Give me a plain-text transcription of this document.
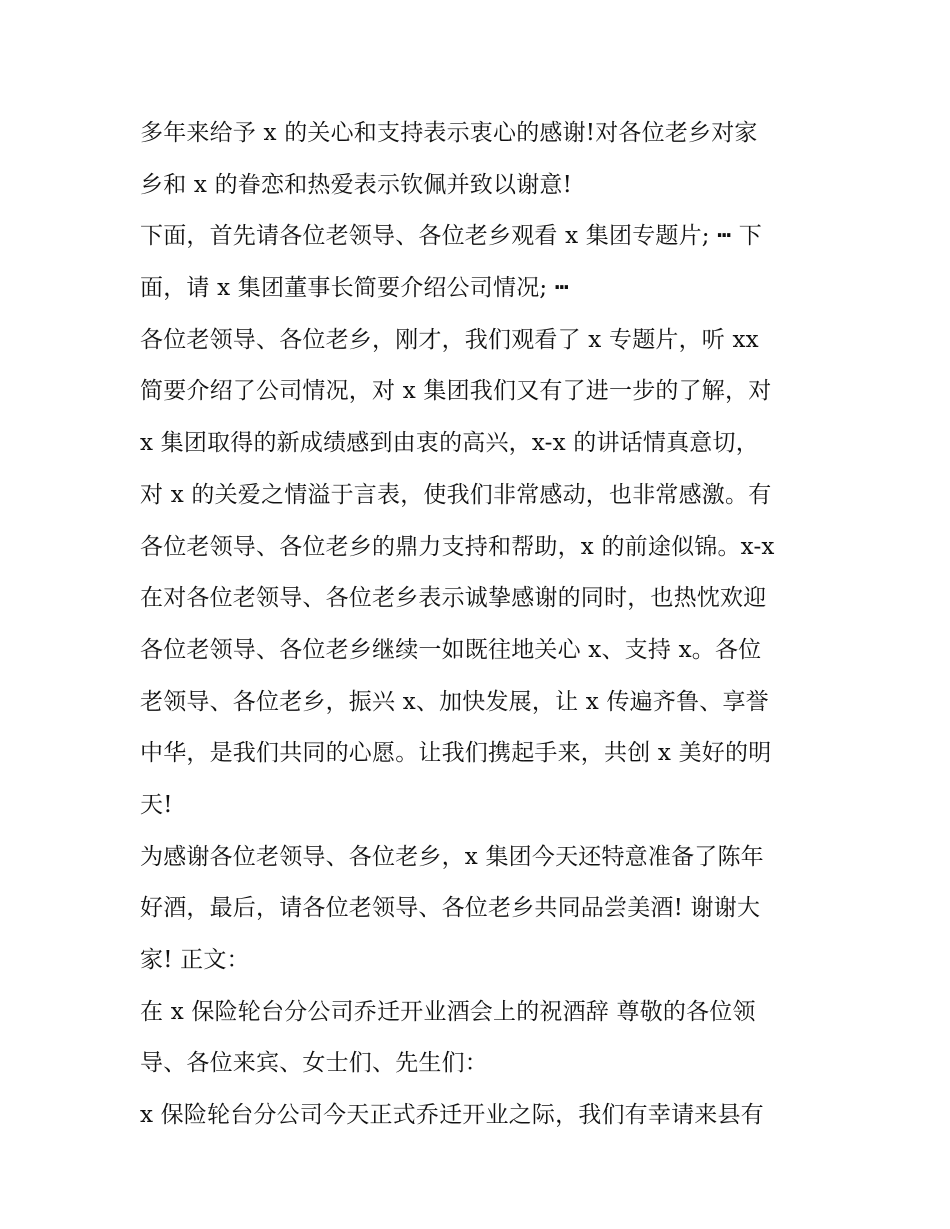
多年来给予 x 的关心和支持表示衷心的感谢!对各位老乡对家
乡和 x 的眷恋和热爱表示钦佩并致以谢意!
下面，首先请各位老领导、各位老乡观看 x 集团专题片; ┅ 下
面，请 x 集团董事长简要介绍公司情况; ┅
各位老领导、各位老乡，刚才，我们观看了 x 专题片，听 xx
简要介绍了公司情况，对 x 集团我们又有了进一步的了解，对
x 集团取得的新成绩感到由衷的高兴，x-x 的讲话情真意切，
对 x 的关爱之情溢于言表，使我们非常感动，也非常感激。有
各位老领导、各位老乡的鼎力支持和帮助，x 的前途似锦。x-x
在对各位老领导、各位老乡表示诚挚感谢的同时，也热忱欢迎
各位老领导、各位老乡继续一如既往地关心 x、支持 x。各位
老领导、各位老乡，振兴 x、加快发展，让 x 传遍齐鲁、享誉
中华，是我们共同的心愿。让我们携起手来，共创 x 美好的明
天!
为感谢各位老领导、各位老乡，x 集团今天还特意准备了陈年
好酒，最后，请各位老领导、各位老乡共同品尝美酒! 谢谢大
家! 正文：
在 x 保险轮台分公司乔迁开业酒会上的祝酒辞 尊敬的各位领
导、各位来宾、女士们、先生们：
x 保险轮台分公司今天正式乔迁开业之际，我们有幸请来县有
